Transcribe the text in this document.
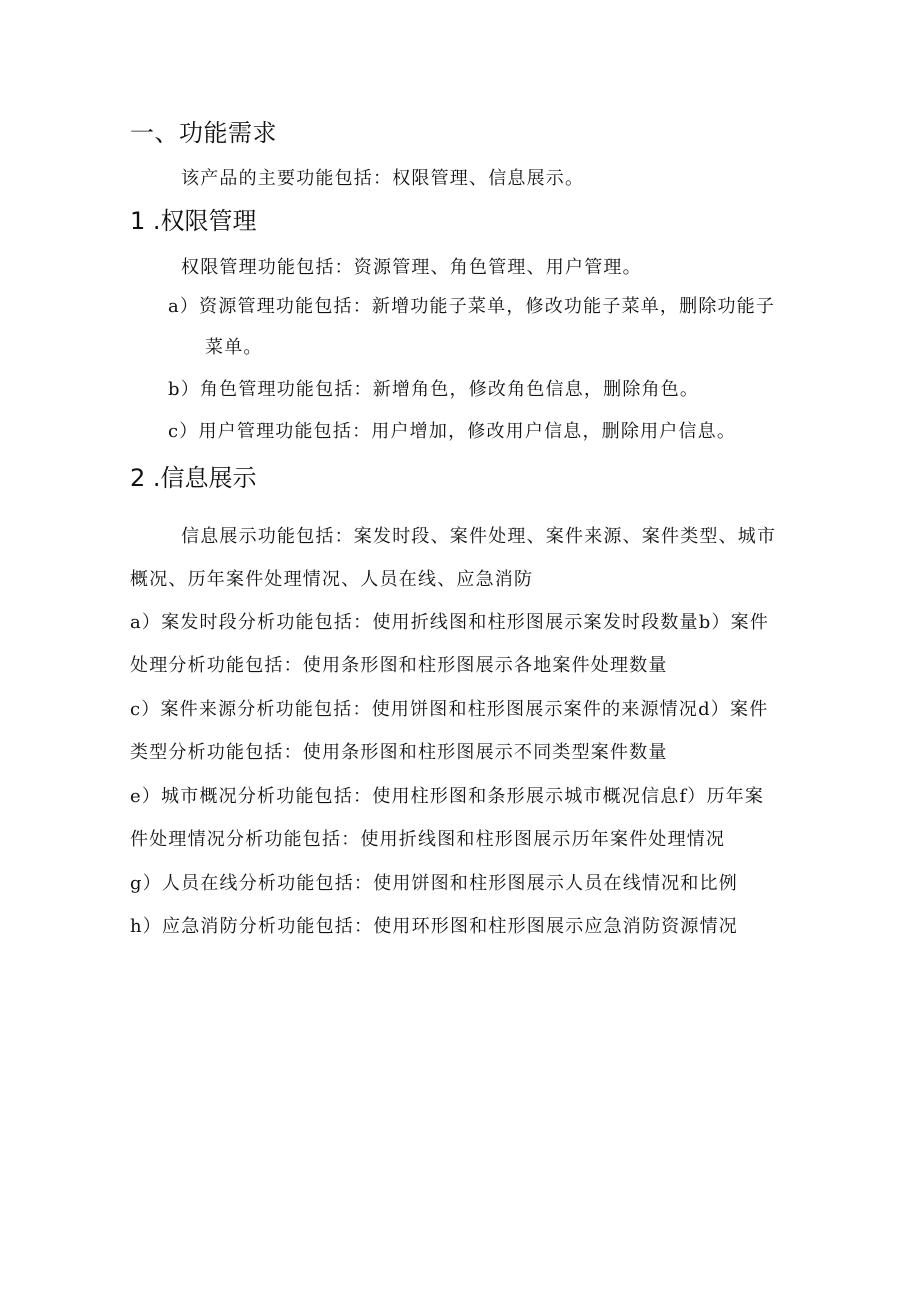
一、功能需求
该产品的主要功能包括：权限管理、信息展示。
1 .权限管理
权限管理功能包括：资源管理、角色管理、用户管理。
a）资源管理功能包括：新增功能子菜单，修改功能子菜单，删除功能子
菜单。
b）角色管理功能包括：新增角色，修改角色信息，删除角色。
c）用户管理功能包括：用户增加，修改用户信息，删除用户信息。
2 .信息展示
信息展示功能包括：案发时段、案件处理、案件来源、案件类型、城市
概况、历年案件处理情况、人员在线、应急消防
a）案发时段分析功能包括：使用折线图和柱形图展示案发时段数量b）案件
处理分析功能包括：使用条形图和柱形图展示各地案件处理数量
c）案件来源分析功能包括：使用饼图和柱形图展示案件的来源情况d）案件
类型分析功能包括：使用条形图和柱形图展示不同类型案件数量
e）城市概况分析功能包括：使用柱形图和条形展示城市概况信息f）历年案
件处理情况分析功能包括：使用折线图和柱形图展示历年案件处理情况
g）人员在线分析功能包括：使用饼图和柱形图展示人员在线情况和比例
h）应急消防分析功能包括：使用环形图和柱形图展示应急消防资源情况
